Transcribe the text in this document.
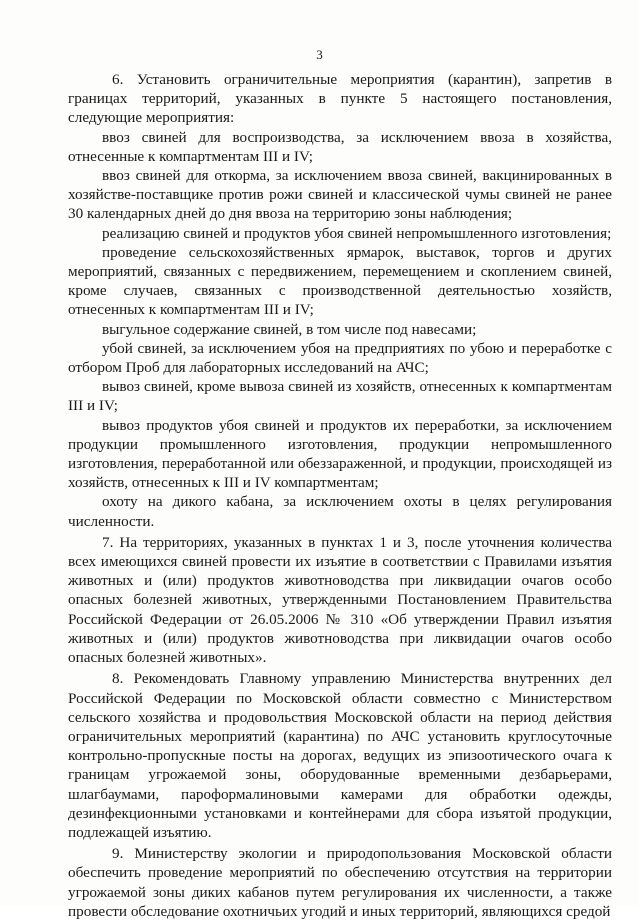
3

6. Установить ограничительные мероприятия (карантин), запретив в границах территорий, указанных в пункте 5 настоящего постановления, следующие мероприятия:

ввоз свиней для воспроизводства, за исключением ввоза в хозяйства, отнесенные к компартментам III и IV;

ввоз свиней для откорма, за исключением ввоза свиней, вакцинированных в хозяйстве-поставщике против рожи свиней и классической чумы свиней не ранее 30 календарных дней до дня ввоза на территорию зоны наблюдения;

реализацию свиней и продуктов убоя свиней непромышленного изготовления;

проведение сельскохозяйственных ярмарок, выставок, торгов и других мероприятий, связанных с передвижением, перемещением и скоплением свиней, кроме случаев, связанных с производственной деятельностью хозяйств, отнесенных к компартментам III и IV;

выгульное содержание свиней, в том числе под навесами;

убой свиней, за исключением убоя на предприятиях по убою и переработке с отбором Проб для лабораторных исследований на АЧС;

вывоз свиней, кроме вывоза свиней из хозяйств, отнесенных к компартментам III и IV;

вывоз продуктов убоя свиней и продуктов их переработки, за исключением продукции промышленного изготовления, продукции непромышленного изготовления, переработанной или обеззараженной, и продукции, происходящей из хозяйств, отнесенных к III и IV компартментам;

охоту на дикого кабана, за исключением охоты в целях регулирования численности.

7. На территориях, указанных в пунктах 1 и 3, после уточнения количества всех имеющихся свиней провести их изъятие в соответствии с Правилами изъятия животных и (или) продуктов животноводства при ликвидации очагов особо опасных болезней животных, утвержденными Постановлением Правительства Российской Федерации от 26.05.2006 № 310 «Об утверждении Правил изъятия животных и (или) продуктов животноводства при ликвидации очагов особо опасных болезней животных».

8. Рекомендовать Главному управлению Министерства внутренних дел Российской Федерации по Московской области совместно с Министерством сельского хозяйства и продовольствия Московской области на период действия ограничительных мероприятий (карантина) по АЧС установить круглосуточные контрольно-пропускные посты на дорогах, ведущих из эпизоотического очага к границам угрожаемой зоны, оборудованные временными дезбарьерами, шлагбаумами, пароформалиновыми камерами для обработки одежды, дезинфекционными установками и контейнерами для сбора изъятой продукции, подлежащей изъятию.

9. Министерству экологии и природопользования Московской области обеспечить проведение мероприятий по обеспечению отсутствия на территории угрожаемой зоны диких кабанов путем регулирования их численности, а также провести обследование охотничьих угодий и иных территорий, являющихся средой
